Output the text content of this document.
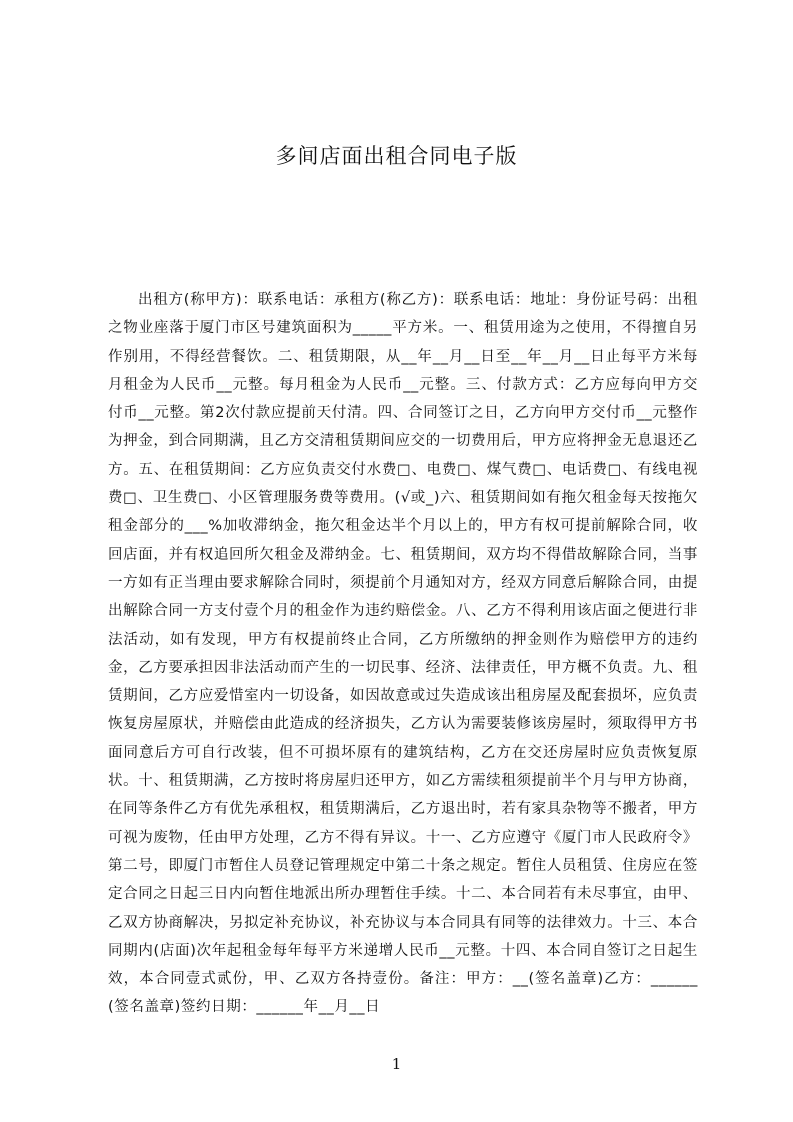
多间店面出租合同电子版

出租方(称甲方)：联系电话：承租方(称乙方)：联系电话：地址：身份证号码：出租之物业座落于厦门市区号建筑面积为_____平方米。一、租赁用途为之使用，不得擅自另作别用，不得经营餐饮。二、租赁期限，从__年__月__日至__年__月__日止每平方米每月租金为人民币__元整。每月租金为人民币__元整。三、付款方式：乙方应每向甲方交付币__元整。第2次付款应提前天付清。四、合同签订之日，乙方向甲方交付币__元整作为押金，到合同期满，且乙方交清租赁期间应交的一切费用后，甲方应将押金无息退还乙方。五、在租赁期间：乙方应负责交付水费□、电费□、煤气费□、电话费□、有线电视费□、卫生费□、小区管理服务费等费用。(√或_)六、租赁期间如有拖欠租金每天按拖欠租金部分的___%加收滞纳金，拖欠租金达半个月以上的，甲方有权可提前解除合同，收回店面，并有权追回所欠租金及滞纳金。七、租赁期间，双方均不得借故解除合同，当事一方如有正当理由要求解除合同时，须提前个月通知对方，经双方同意后解除合同，由提出解除合同一方支付壹个月的租金作为违约赔偿金。八、乙方不得利用该店面之便进行非法活动，如有发现，甲方有权提前终止合同，乙方所缴纳的押金则作为赔偿甲方的违约金，乙方要承担因非法活动而产生的一切民事、经济、法律责任，甲方概不负责。九、租赁期间，乙方应爱惜室内一切设备，如因故意或过失造成该出租房屋及配套损坏，应负责恢复房屋原状，并赔偿由此造成的经济损失，乙方认为需要装修该房屋时，须取得甲方书面同意后方可自行改装，但不可损坏原有的建筑结构，乙方在交还房屋时应负责恢复原状。十、租赁期满，乙方按时将房屋归还甲方，如乙方需续租须提前半个月与甲方协商，在同等条件乙方有优先承租权，租赁期满后，乙方退出时，若有家具杂物等不搬者，甲方可视为废物，任由甲方处理，乙方不得有异议。十一、乙方应遵守《厦门市人民政府令》第二号，即厦门市暂住人员登记管理规定中第二十条之规定。暂住人员租赁、住房应在签定合同之日起三日内向暂住地派出所办理暂住手续。十二、本合同若有未尽事宜，由甲、乙双方协商解决，另拟定补充协议，补充协议与本合同具有同等的法律效力。十三、本合同期内(店面)次年起租金每年每平方米递增人民币__元整。十四、本合同自签订之日起生效，本合同壹式贰份，甲、乙双方各持壹份。备注：甲方：__(签名盖章)乙方：______(签名盖章)签约日期：______年__月__日

1
